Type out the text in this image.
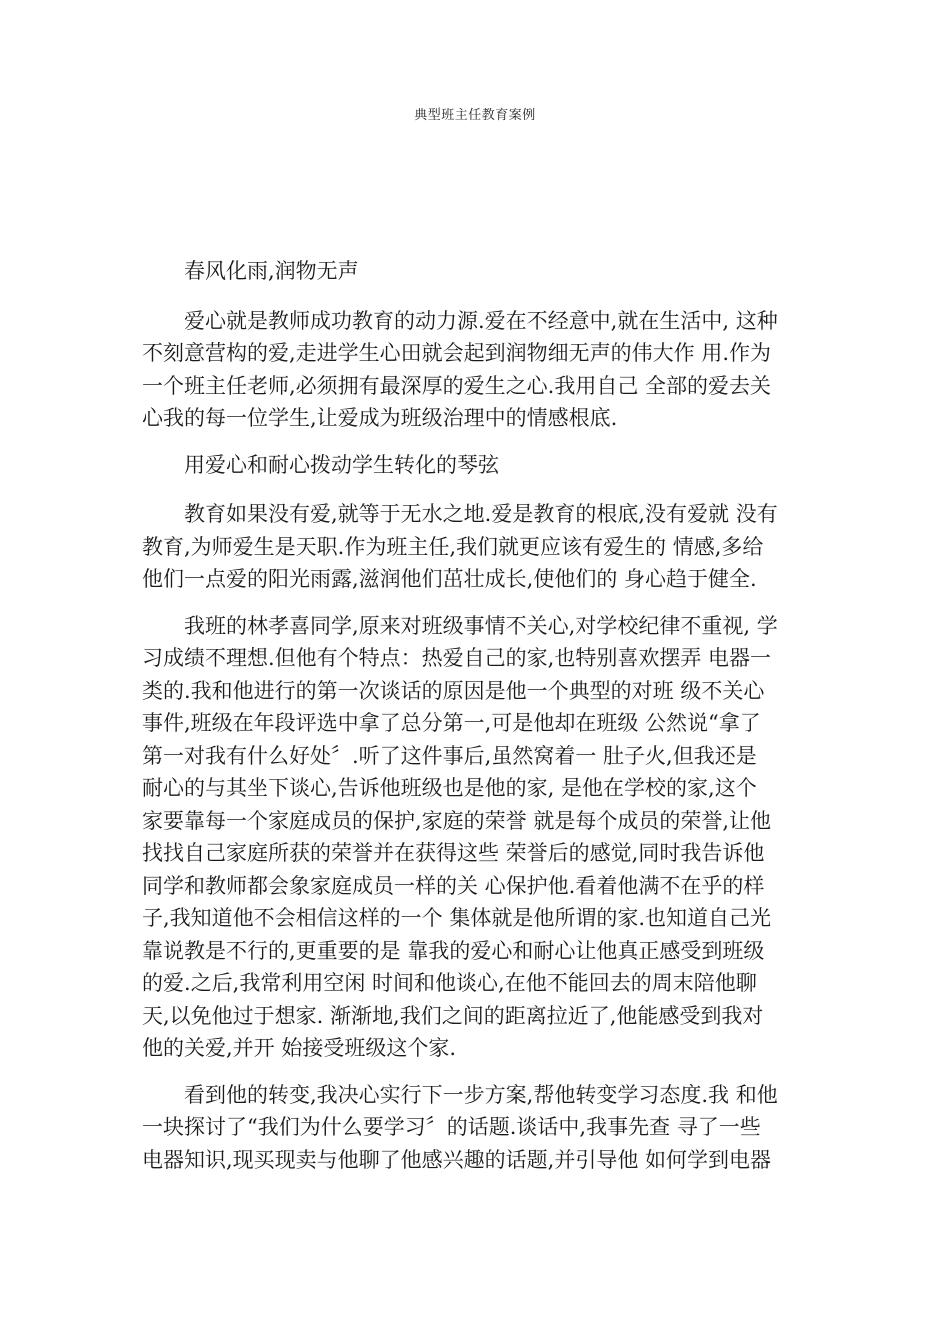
典型班主任教育案例
　　春风化雨,润物无声
　　爱心就是教师成功教育的动力源.爱在不经意中,就在生活中, 这种
不刻意营构的爱,走进学生心田就会起到润物细无声的伟大作 用.作为
一个班主任老师,必须拥有最深厚的爱生之心.我用自己 全部的爱去关
心我的每一位学生,让爱成为班级治理中的情感根底.
　　用爱心和耐心拨动学生转化的琴弦
　　教育如果没有爱,就等于无水之地.爱是教育的根底,没有爱就 没有
教育,为师爱生是天职.作为班主任,我们就更应该有爱生的 情感,多给
他们一点爱的阳光雨露,滋润他们茁壮成长,使他们的 身心趋于健全.
　　我班的林孝喜同学,原来对班级事情不关心,对学校纪律不重视, 学
习成绩不理想.但他有个特点：热爱自己的家,也特别喜欢摆弄 电器一
类的.我和他进行的第一次谈话的原因是他一个典型的对班 级不关心
事件,班级在年段评选中拿了总分第一,可是他却在班级 公然说“拿了
第一对我有什么好处〞.听了这件事后,虽然窝着一 肚子火,但我还是
耐心的与其坐下谈心,告诉他班级也是他的家, 是他在学校的家,这个
家要靠每一个家庭成员的保护,家庭的荣誉 就是每个成员的荣誉,让他
找找自己家庭所获的荣誉并在获得这些 荣誉后的感觉,同时我告诉他
同学和教师都会象家庭成员一样的关 心保护他.看着他满不在乎的样
子,我知道他不会相信这样的一个 集体就是他所谓的家.也知道自己光
靠说教是不行的,更重要的是 靠我的爱心和耐心让他真正感受到班级
的爱.之后,我常利用空闲 时间和他谈心,在他不能回去的周末陪他聊
天,以免他过于想家. 渐渐地,我们之间的距离拉近了,他能感受到我对
他的关爱,并开 始接受班级这个家.
　　看到他的转变,我决心实行下一步方案,帮他转变学习态度.我 和他
一块探讨了“我们为什么要学习〞的话题.谈话中,我事先查 寻了一些
电器知识,现买现卖与他聊了他感兴趣的话题,并引导他 如何学到电器
